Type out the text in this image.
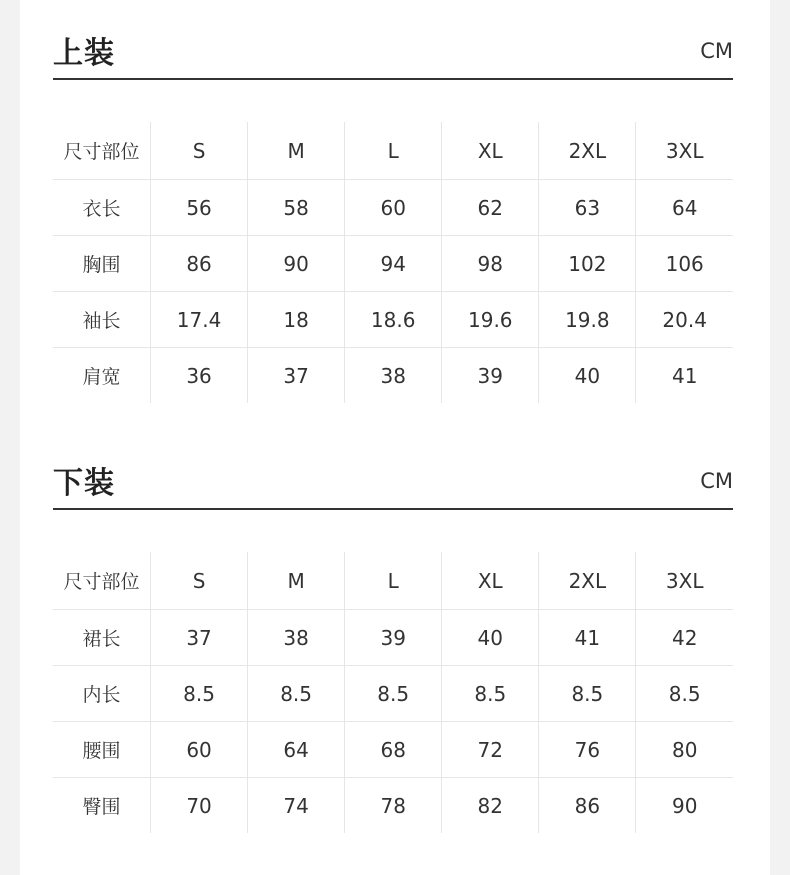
上装	CM
尺寸部位	S	M	L	XL	2XL	3XL
衣长	56	58	60	62	63	64
胸围	86	90	94	98	102	106
袖长	17.4	18	18.6	19.6	19.8	20.4
肩宽	36	37	38	39	40	41
下装	CM
尺寸部位	S	M	L	XL	2XL	3XL
裙长	37	38	39	40	41	42
内长	8.5	8.5	8.5	8.5	8.5	8.5
腰围	60	64	68	72	76	80
臀围	70	74	78	82	86	90
